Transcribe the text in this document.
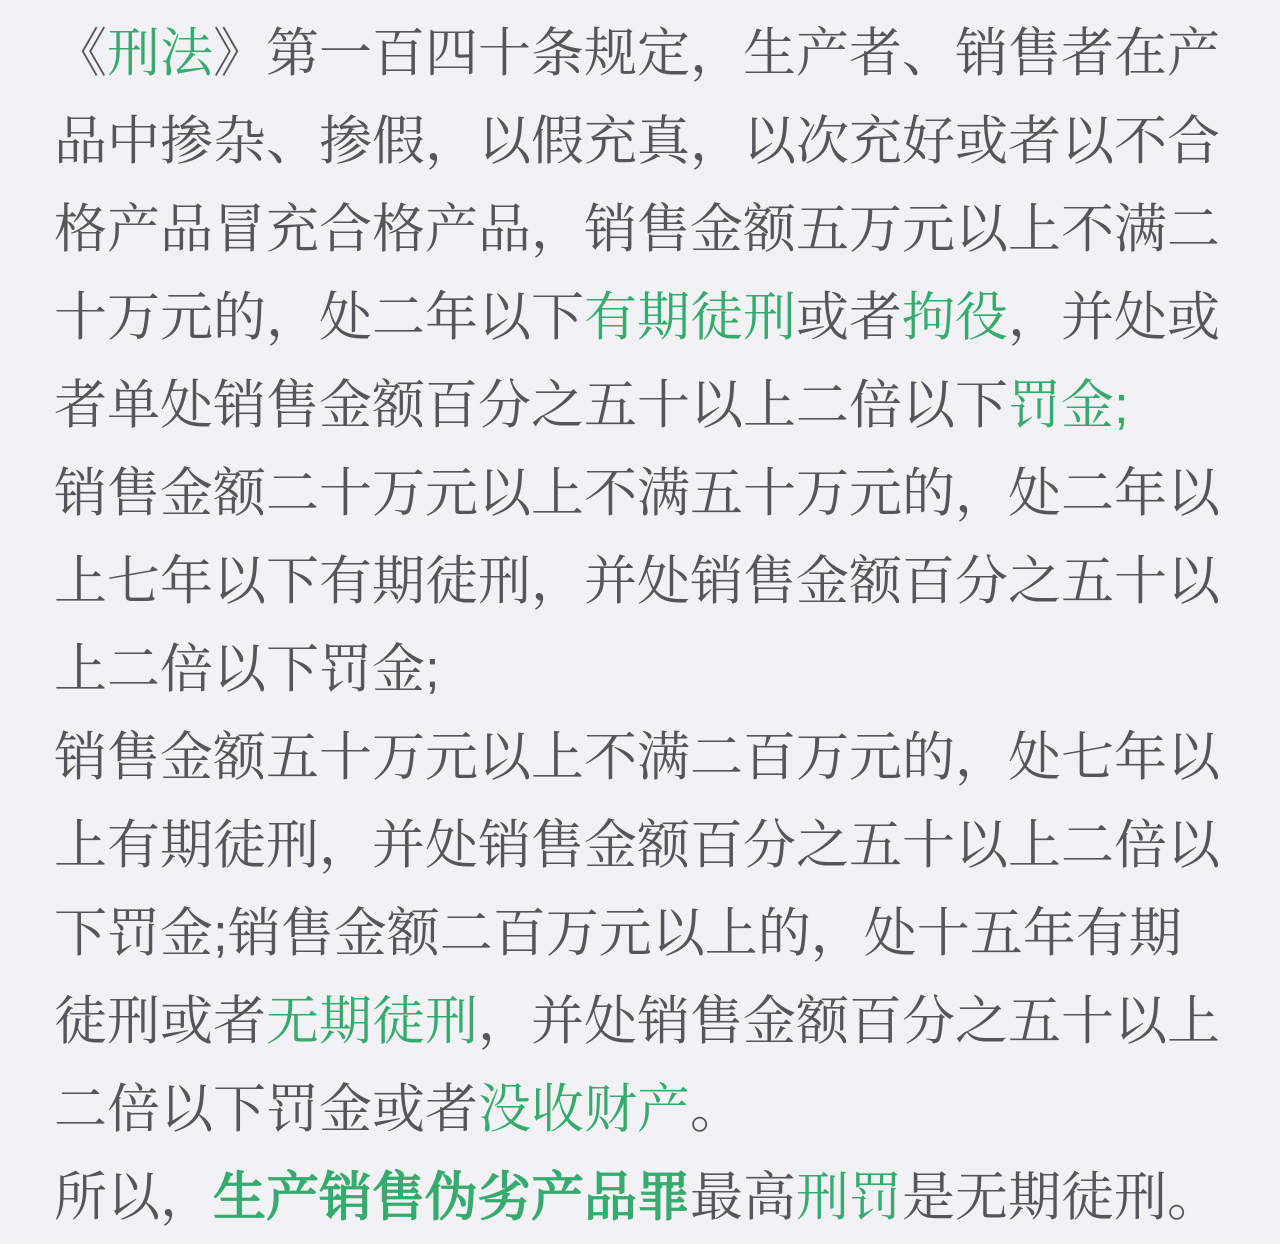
《刑法》第一百四十条规定，生产者、销售者在产
品中掺杂、掺假，以假充真，以次充好或者以不合
格产品冒充合格产品，销售金额五万元以上不满二
十万元的，处二年以下有期徒刑或者拘役，并处或
者单处销售金额百分之五十以上二倍以下罚金;
销售金额二十万元以上不满五十万元的，处二年以
上七年以下有期徒刑，并处销售金额百分之五十以
上二倍以下罚金;
销售金额五十万元以上不满二百万元的，处七年以
上有期徒刑，并处销售金额百分之五十以上二倍以
下罚金;销售金额二百万元以上的，处十五年有期
徒刑或者无期徒刑，并处销售金额百分之五十以上
二倍以下罚金或者没收财产。
所以，生产销售伪劣产品罪最高刑罚是无期徒刑。
